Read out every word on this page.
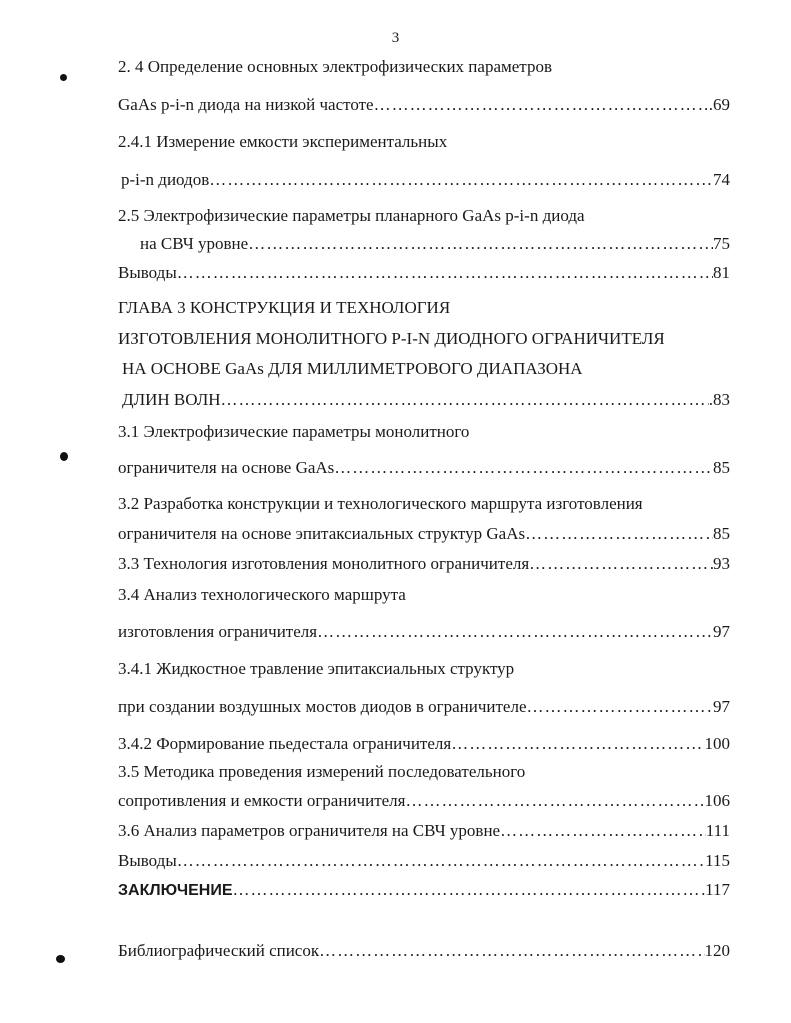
3
2. 4 Определение основных электрофизических параметров
GaAs p-i-n диода на низкой частоте ……………………………………………………………………………………………………………………………………………………………………………………	.69
2.4.1 Измерение емкости экспериментальных
p-i-n диодов ……………………………………………………………………………………………………………………………………………………………………………………	74
2.5 Электрофизические параметры планарного GaAs p-i-n диода
на СВЧ уровне ……………………………………………………………………………………………………………………………………………………………………………………	75
Выводы ……………………………………………………………………………………………………………………………………………………………………………………	81
ГЛАВА 3 КОНСТРУКЦИЯ И ТЕХНОЛОГИЯ
ИЗГОТОВЛЕНИЯ МОНОЛИТНОГО P-I-N ДИОДНОГО ОГРАНИЧИТЕЛЯ
НА ОСНОВЕ GaAs ДЛЯ МИЛЛИМЕТРОВОГО ДИАПАЗОНА
ДЛИН ВОЛН ……………………………………………………………………………………………………………………………………………………………………………………	.83
3.1 Электрофизические параметры монолитного
ограничителя на основе GaAs ……………………………………………………………………………………………………………………………………………………………………………………	85
3.2 Разработка конструкции и технологического маршрута изготовления
ограничителя на основе эпитаксиальных структур GaAs ……………………………………………………………………………………………………………………………………………………………………………………	85
3.3 Технология изготовления монолитного ограничителя ……………………………………………………………………………………………………………………………………………………………………………………	93
3.4 Анализ технологического маршрута
изготовления ограничителя ……………………………………………………………………………………………………………………………………………………………………………………	97
3.4.1 Жидкостное травление эпитаксиальных структур
при создании воздушных мостов диодов в ограничителе ……………………………………………………………………………………………………………………………………………………………………………………	97
3.4.2 Формирование пьедестала ограничителя ……………………………………………………………………………………………………………………………………………………………………………………	100
3.5 Методика проведения измерений последовательного
сопротивления и емкости ограничителя ……………………………………………………………………………………………………………………………………………………………………………………	106
3.6 Анализ параметров ограничителя на СВЧ уровне ……………………………………………………………………………………………………………………………………………………………………………………	111
Выводы ……………………………………………………………………………………………………………………………………………………………………………………	115
ЗАКЛЮЧЕНИЕ ……………………………………………………………………………………………………………………………………………………………………………………	117
Библиографический список ……………………………………………………………………………………………………………………………………………………………………………………	120
